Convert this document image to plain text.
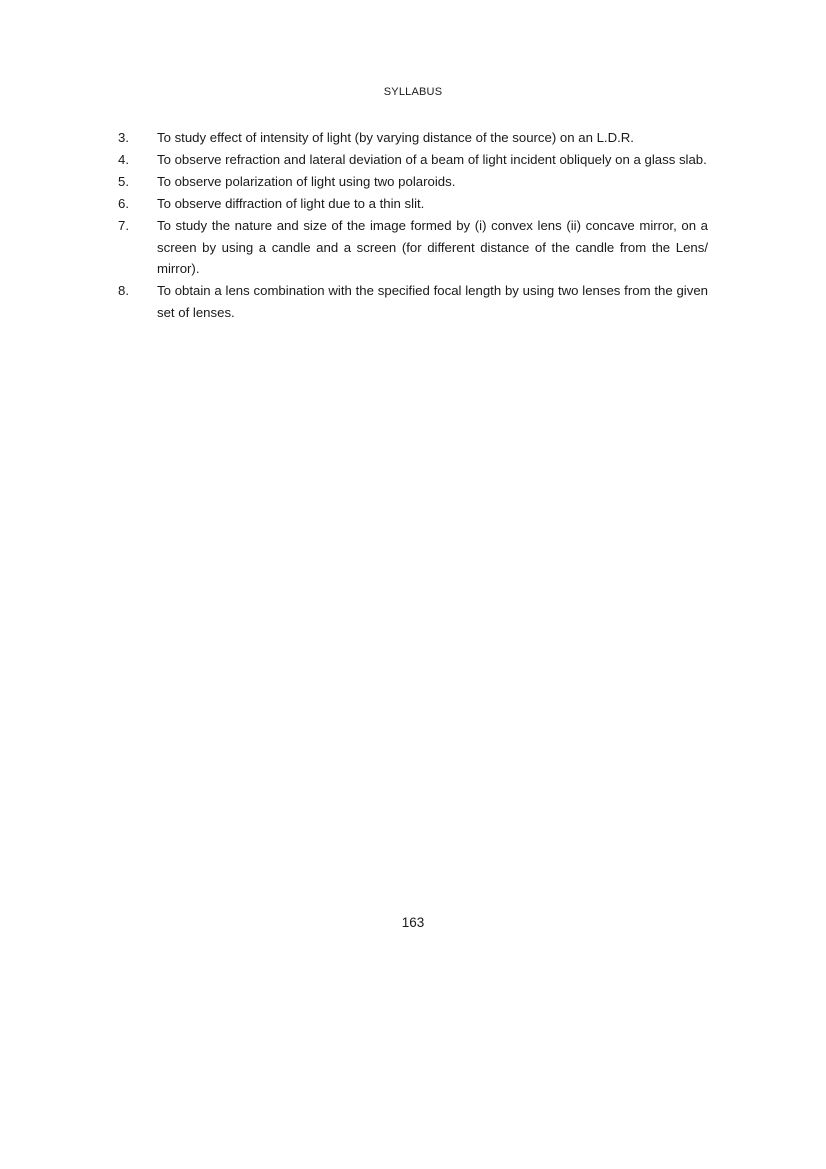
SYLLABUS
3.	To study effect of intensity of light (by varying distance of the source) on an L.D.R.
4.	To observe refraction and lateral deviation of a beam of light incident obliquely on a glass slab.
5.	To observe polarization of light using two polaroids.
6.	To observe diffraction of light due to a thin slit.
7.	To study the nature and size of the image formed by (i) convex lens (ii) concave mirror, on a screen by using a candle and a screen (for different distance of the candle from the Lens/ mirror).
8.	To obtain a lens combination with the specified focal length by using two lenses from the given set of lenses.
163
